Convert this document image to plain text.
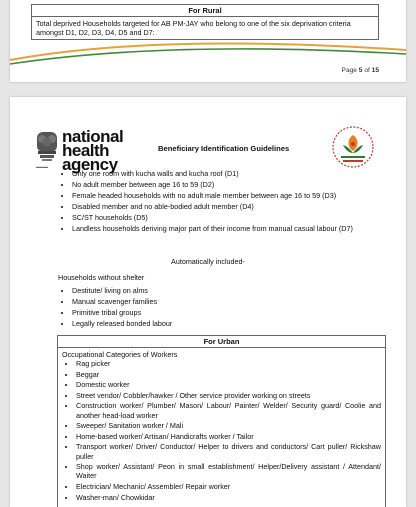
For Rural
Total deprived Households targeted for AB PM-JAY who belong to one of the six deprivation criteria amongst D1, D2, D3, D4, D5 and D7:
Page 5 of 15
national
health
agency
━━━━
Beneficiary Identification Guidelines
• Only one room with kucha walls and kucha roof (D1)
• No adult member between age 16 to 59 (D2)
• Female headed households with no adult male member between age 16 to 59 (D3)
• Disabled member and no able-bodied adult member (D4)
• SC/ST households (D5)
• Landless households deriving major part of their income from manual casual labour (D7)
Automatically included-
Households without shelter
• Destitute/ living on alms
• Manual scavenger families
• Primitive tribal groups
• Legally released bonded labour
For Urban
Occupational Categories of Workers
• Rag picker
• Beggar
• Domestic worker
• Street vendor/ Cobbler/hawker / Other service provider working on streets
• Construction worker/ Plumber/ Mason/ Labour/ Painter/ Welder/ Security guard/ Coolie and another head-load worker
• Sweeper/ Sanitation worker / Mali
• Home-based worker/ Artisan/ Handicrafts worker / Tailor
• Transport worker/ Driver/ Conductor/ Helper to drivers and conductors/ Cart puller/ Rickshaw puller
• Shop worker/ Assistant/ Peon in small establishment/ Helper/Delivery assistant / Attendant/ Waiter
• Electrician/ Mechanic/ Assembler/ Repair worker
• Washer-man/ Chowkidar
